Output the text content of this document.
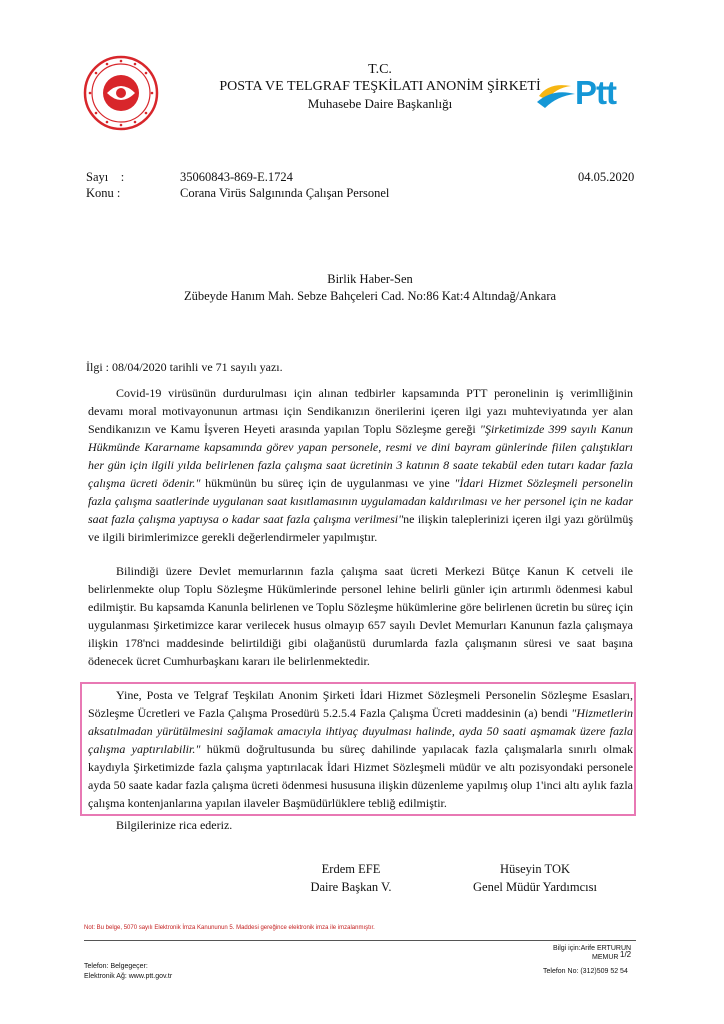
T.C.
POSTA VE TELGRAF TEŞKİLATI ANONİM ŞİRKETİ
Muhasebe Daire Başkanlığı	Ptt
Sayı    :	35060843-869-E.1724	04.05.2020
Konu :	Corana Virüs Salgınında Çalışan Personel
Birlik Haber-Sen
Zübeyde Hanım Mah. Sebze Bahçeleri Cad. No:86 Kat:4 Altındağ/Ankara
İlgi : 08/04/2020 tarihli ve 71 sayılı yazı.
Covid-19 virüsünün durdurulması için alınan tedbirler kapsamında PTT peronelinin iş verimlliğinin devamı moral motivayonunun artması için Sendikanızın önerilerini içeren ilgi yazı muhteviyatında yer alan Sendikanızın ve Kamu İşveren Heyeti arasında yapılan Toplu Sözleşme gereği "Şirketimizde 399 sayılı Kanun Hükmünde Kararname kapsamında görev yapan personele, resmi ve dini bayram günlerinde fiilen çalıştıkları her gün için ilgili yılda belirlenen fazla çalışma saat ücretinin 3 katının 8 saate tekabül eden tutarı kadar fazla çalışma ücreti ödenir." hükmünün bu süreç için de uygulanması ve yine "İdari Hizmet Sözleşmeli personelin fazla çalışma saatlerinde uygulanan saat kısıtlamasının uygulamadan kaldırılması ve her personel için ne kadar saat fazla çalışma yaptıysa o kadar saat fazla çalışma verilmesi"ne ilişkin taleplerinizi içeren ilgi yazı görülmüş ve ilgili birimlerimizce gerekli değerlendirmeler yapılmıştır.
Bilindiği üzere Devlet memurlarının fazla çalışma saat ücreti Merkezi Bütçe Kanun K cetveli ile belirlenmekte olup Toplu Sözleşme Hükümlerinde personel lehine belirli günler için artırımlı ödenmesi kabul edilmiştir. Bu kapsamda Kanunla belirlenen ve Toplu Sözleşme hükümlerine göre belirlenen ücretin bu süreç için uygulanması Şirketimizce karar verilecek husus olmayıp 657 sayılı Devlet Memurları Kanunun fazla çalışmaya ilişkin 178'nci maddesinde belirtildiği gibi olağanüstü durumlarda fazla çalışmanın süresi ve saat başına ödenecek ücret Cumhurbaşkanı kararı ile belirlenmektedir.
Yine, Posta ve Telgraf Teşkilatı Anonim Şirketi İdari Hizmet Sözleşmeli Personelin Sözleşme Esasları, Sözleşme Ücretleri ve Fazla Çalışma Prosedürü 5.2.5.4 Fazla Çalışma Ücreti maddesinin (a) bendi "Hizmetlerin aksatılmadan yürütülmesini sağlamak amacıyla ihtiyaç duyulması halinde, ayda 50 saati aşmamak üzere fazla çalışma yaptırılabilir." hükmü doğrultusunda bu süreç dahilinde yapılacak fazla çalışmalarla sınırlı olmak kaydıyla Şirketimizde fazla çalışma yaptırılacak İdari Hizmet Sözleşmeli müdür ve altı pozisyondaki personele ayda 50 saate kadar fazla çalışma ücreti ödenmesi hususuna ilişkin düzenleme yapılmış olup 1'inci altı aylık fazla çalışma kontenjanlarına yapılan ilaveler Başmüdürlüklere tebliğ edilmiştir.
Bilgilerinize rica ederiz.
Erdem EFE
Daire Başkan V.
Hüseyin TOK
Genel Müdür Yardımcısı
Not: Bu belge, 5070 sayılı Elektronik İmza Kanununun 5. Maddesi gereğince elektronik imza ile imzalanmıştır.
Bilgi için:Arife ERTURUN
MEMUR 1/2
Telefon: Belgegeçer:
Elektronik Ağ: www.ptt.gov.tr
Telefon No: (312)509 52 54
